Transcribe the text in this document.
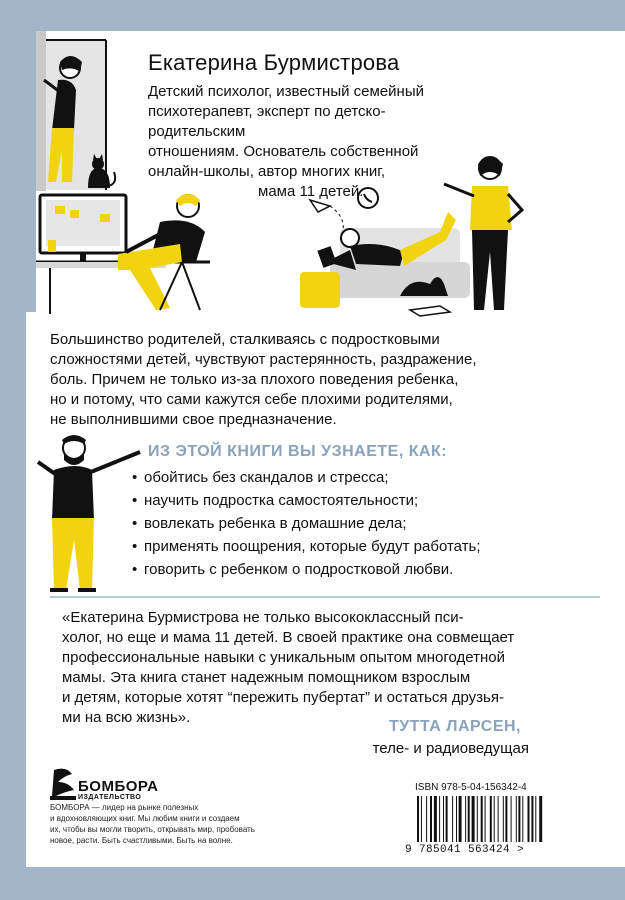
Екатерина Бурмистрова
Детский психолог, известный семейный
психотерапевт, эксперт по детско-родительским
отношениям. Основатель собственной
онлайн-школы, автор многих книг,
мама 11 детей.
Большинство родителей, сталкиваясь с подростковыми
сложностями детей, чувствуют растерянность, раздражение,
боль. Причем не только из-за плохого поведения ребенка,
но и потому, что сами кажутся себе плохими родителями,
не выполнившими свое предназначение.
ИЗ ЭТОЙ КНИГИ ВЫ УЗНАЕТЕ, КАК:
• обойтись без скандалов и стресса;
• научить подростка самостоятельности;
• вовлекать ребенка в домашние дела;
• применять поощрения, которые будут работать;
• говорить с ребенком о подростковой любви.
«Екатерина Бурмистрова не только высококлассный пси-
холог, но еще и мама 11 детей. В своей практике она совмещает
профессиональные навыки с уникальным опытом многодетной
мамы. Эта книга станет надежным помощником взрослым
и детям, которые хотят “пережить пубертат” и остаться друзья-
ми на всю жизнь».
ТУТТА ЛАРСЕН,
теле- и радиоведущая
БОМБОРА
ИЗДАТЕЛЬСТВО
БОМБОРА — лидер на рынке полезных
и вдохновляющих книг. Мы любим книги и создаем
их, чтобы вы могли творить, открывать мир, пробовать
новое, расти. Быть счастливыми. Быть на волне.
ISBN 978-5-04-156342-4
9 785041 563424 >
